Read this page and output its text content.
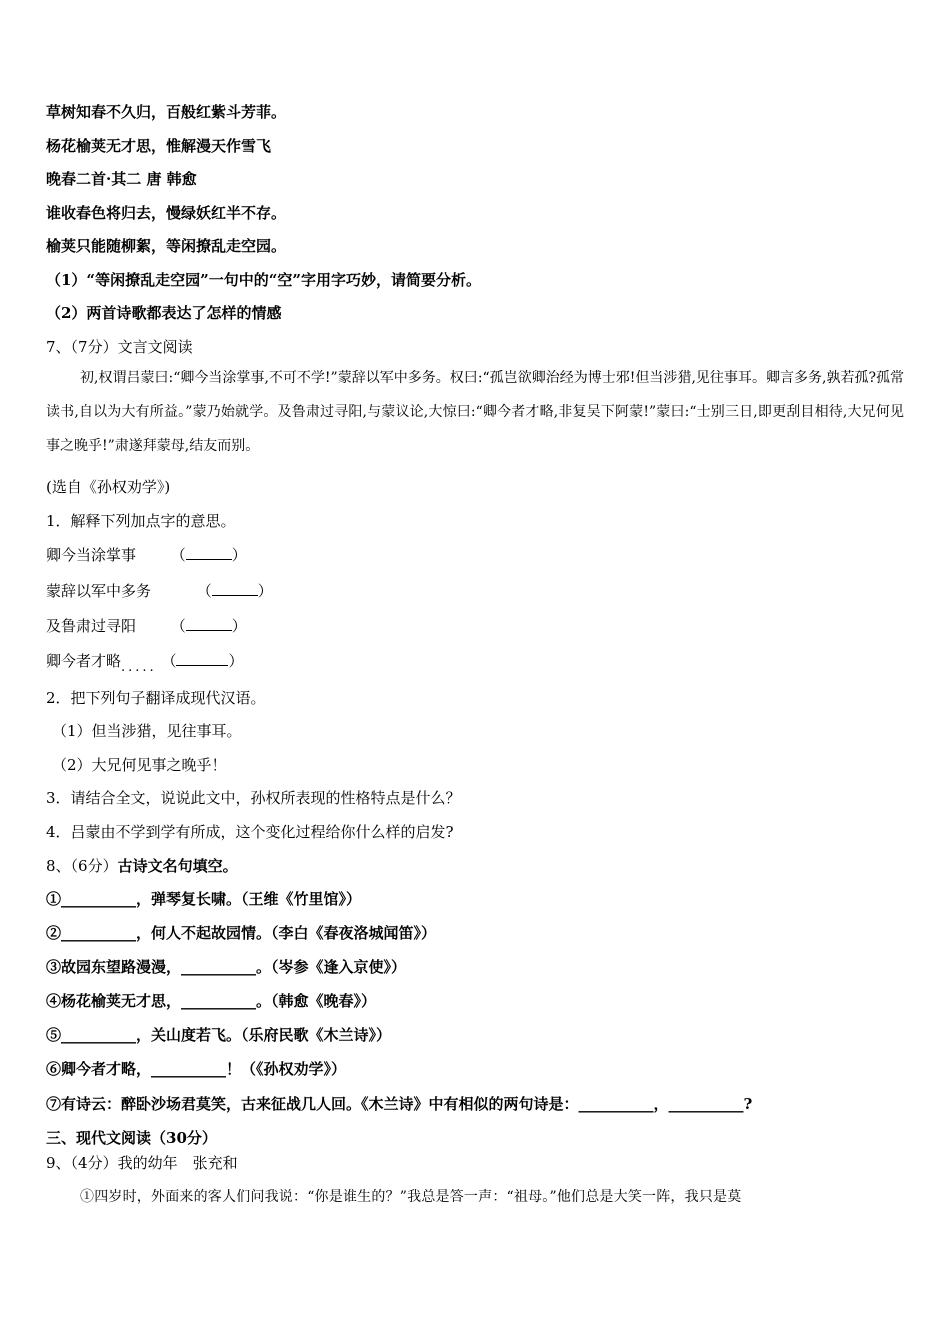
草树知春不久归，百般红紫斗芳菲。
杨花榆荚无才思，惟解漫天作雪飞
晚春二首·其二 唐 韩愈
谁收春色将归去，慢绿妖红半不存。
榆荚只能随柳絮，等闲撩乱走空园。
（1）“等闲撩乱走空园”一句中的“空”字用字巧妙，请简要分析。
（2）两首诗歌都表达了怎样的情感
7、（7分）文言文阅读
初,权谓吕蒙曰:“卿今当涂掌事,不可不学!”蒙辞以军中多务。权曰:“孤岂欲卿治经为博士邪!但当涉猎,见往事耳。卿言多务,孰若孤?孤常读书,自以为大有所益。”蒙乃始就学。及鲁肃过寻阳,与蒙议论,大惊曰:“卿今者才略,非复吴下阿蒙!”蒙曰:“士别三日,即更刮目相待,大兄何见事之晚乎!”肃遂拜蒙母,结友而别。
(选自《孙权劝学》)
1．解释下列加点字的意思。
卿今当涂掌事 （	）
蒙辞以军中多务	（	）
及鲁肃过寻阳 （	）
卿今者才略..... （	）
2．把下列句子翻译成现代汉语。
（1）但当涉猎，见往事耳。
（2）大兄何见事之晚乎！
3．请结合全文，说说此文中，孙权所表现的性格特点是什么？
4．吕蒙由不学到学有所成，这个变化过程给你什么样的启发?
8、（6分）古诗文名句填空。
①__________，弹琴复长啸。（王维《竹里馆》）
②__________，何人不起故园情。（李白《春夜洛城闻笛》）
③故园东望路漫漫，__________。（岑参《逢入京使》）
④杨花榆荚无才思，__________。（韩愈《晚春》）
⑤__________，关山度若飞。（乐府民歌《木兰诗》）
⑥卿今者才略，__________！（《孙权劝学》）
⑦有诗云：醉卧沙场君莫笑，古来征战几人回。《木兰诗》中有相似的两句诗是：__________，__________?
三、现代文阅读（30分）
9、（4分）我的幼年　张充和
①四岁时，外面来的客人们问我说：“你是谁生的？”我总是答一声：“祖母。”他们总是大笑一阵，我只是莫
